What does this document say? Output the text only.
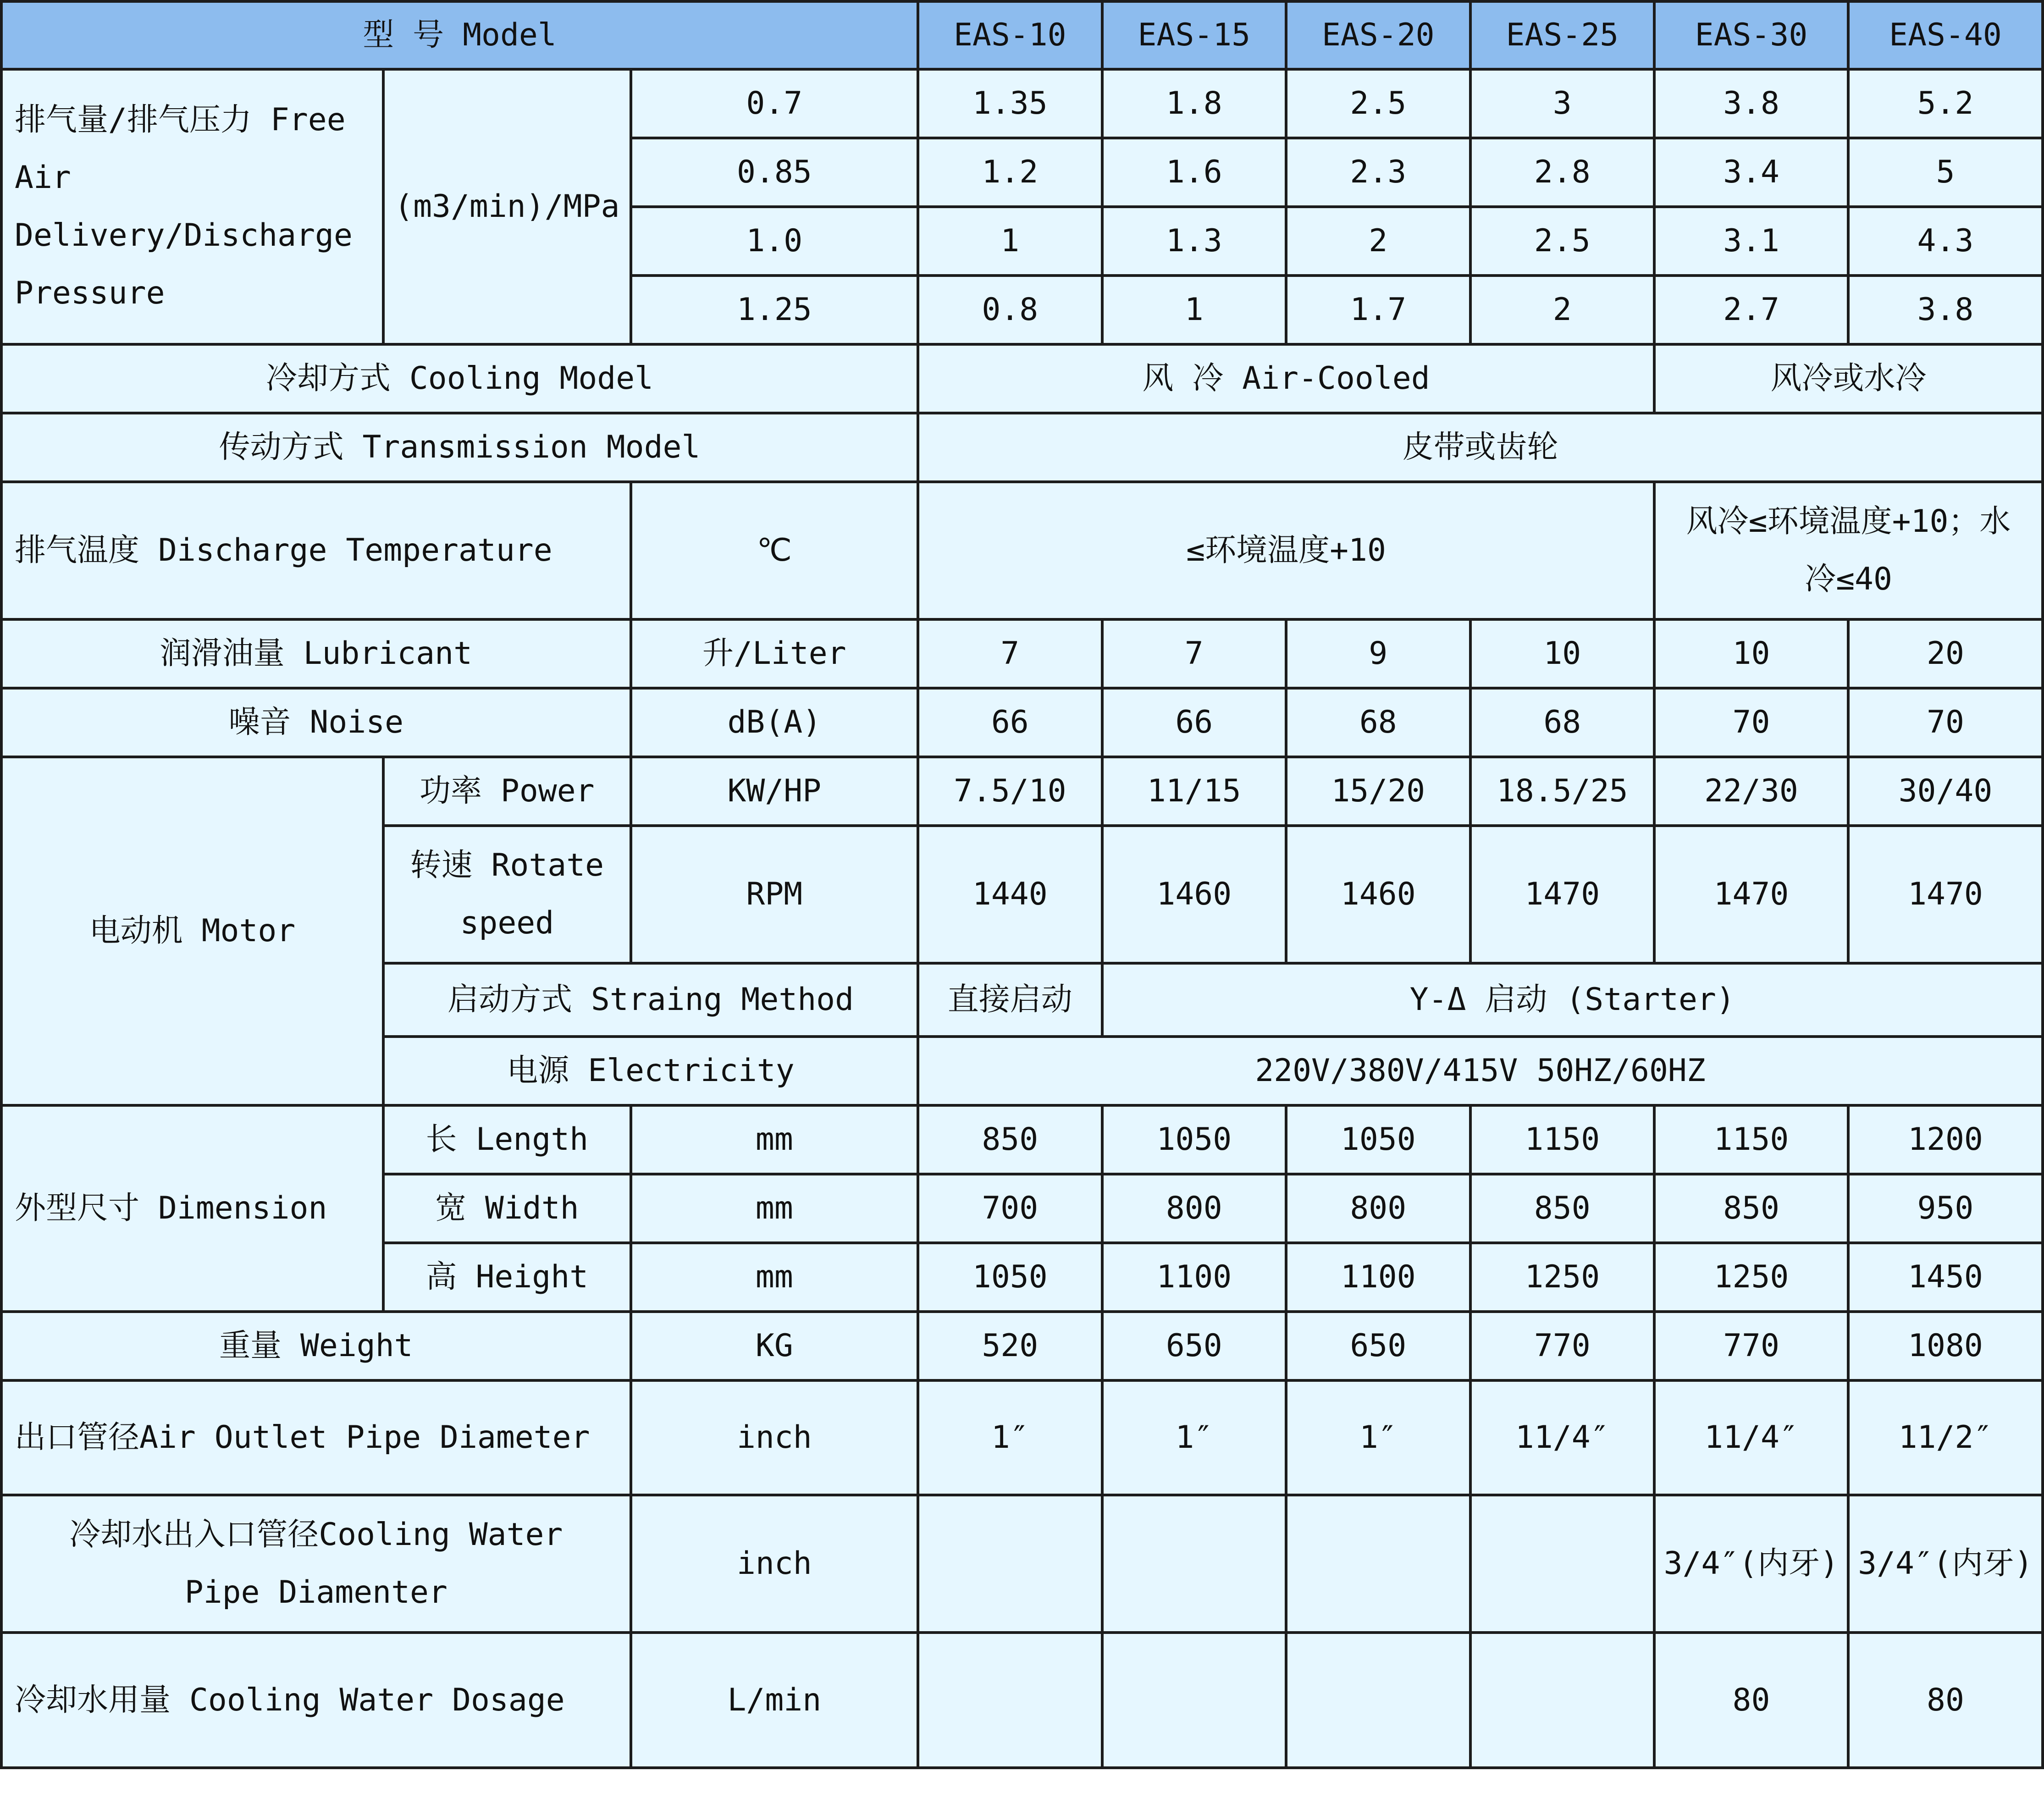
型 号 Model			EAS-10	EAS-15	EAS-20	EAS-25	EAS-30	EAS-40

排气量/排气压力 Free Air
Delivery/Discharge Pressure	(m3/min)/MPa	0.7	1.35	1.8	2.5	3	3.8	5.2
		0.85	1.2	1.6	2.3	2.8	3.4	5
		1.0	1	1.3	2	2.5	3.1	4.3
		1.25	0.8	1	1.7	2	2.7	3.8
冷却方式 Cooling Model			风 冷 Air-Cooled				风冷或水冷	
传动方式 Transmission Model			皮带或齿轮					
排气温度 Discharge Temperature		℃	≤环境温度+10				风冷≤环境温度+10；水
冷≤40	

润滑油量 Lubricant		升/Liter	7	7	9	10	10	20
噪音 Noise		dB(A)	66	66	68	68	70	70
电动机 Motor	功率 Power	KW/HP	7.5/10	11/15	15/20	18.5/25	22/30	30/40

	转速 Rotate
speed	RPM	1440	1460	1460	1470	1470	1470
	启动方式 Straing Method		直接启动	Y-Δ 启动 (Starter)				
	电源 Electricity		220V/380V/415V 50HZ/60HZ					
外型尺寸 Dimension	长 Length	mm	850	1050	1050	1150	1150	1200
	宽 Width	mm	700	800	800	850	850	950
	高 Height	mm	1050	1100	1100	1250	1250	1450
重量 Weight		KG	520	650	650	770	770	1080
出口管径Air Outlet Pipe Diameter		inch	1″	1″	1″	11/4″	11/4″	11/2″

冷却水出入口管径Cooling Water
Pipe Diamenter		inch					3/4″(内牙)	3/4″(内牙)
冷却水用量 Cooling Water Dosage		L/min					80	80
